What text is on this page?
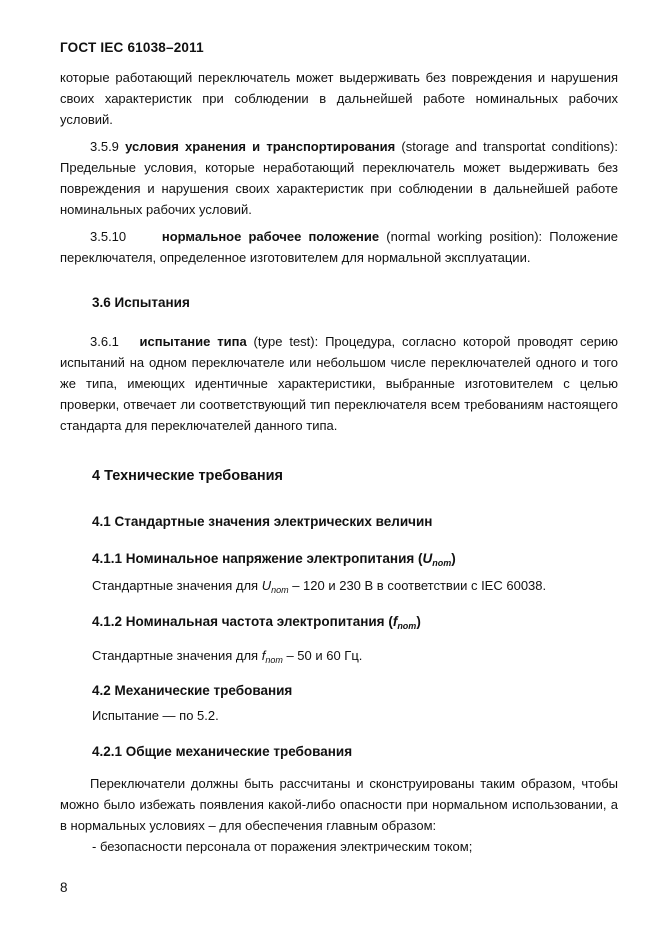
ГОСТ IEC 61038–2011

которые работающий переключатель может выдерживать без повреждения и нарушения своих характеристик при соблюдении в дальнейшей работе номинальных рабочих условий.

3.5.9 условия хранения и транспортирования (storage and transportat conditions): Предельные условия, которые неработающий переключатель может выдерживать без повреждения и нарушения своих характеристик при соблюдении в дальнейшей работе номинальных рабочих условий.

3.5.10	нормальное рабочее положение (normal working position): Положение переключателя, определенное изготовителем для нормальной эксплуатации.

3.6 Испытания

3.6.1 испытание типа (type test): Процедура, согласно которой проводят серию испытаний на одном переключателе или небольшом числе переключателей одного и того же типа, имеющих идентичные характеристики, выбранные изготовителем с целью проверки, отвечает ли соответствующий тип переключателя всем требованиям настоящего стандарта для переключателей данного типа.

4 Технические требования
4.1 Стандартные значения электрических величин
4.1.1 Номинальное напряжение электропитания $(U_{nom})$
Стандартные значения для $U_{nom} - 120$ и 230 В в соответствии с IEC 60038.
4.1.2 Номинальная частота электропитания $(f_{nom})$
Стандартные значения для $f_{nom} - 50$ и 60 Гц.
4.2 Механические требования
Испытание — по 5.2.
4.2.1 Общие механические требования

Переключатели должны быть рассчитаны и сконструированы таким образом, чтобы можно было избежать появления какой-либо опасности при нормальном использовании, а в нормальных условиях – для обеспечения главным образом:

- безопасности персонала от поражения электрическим током;
8
